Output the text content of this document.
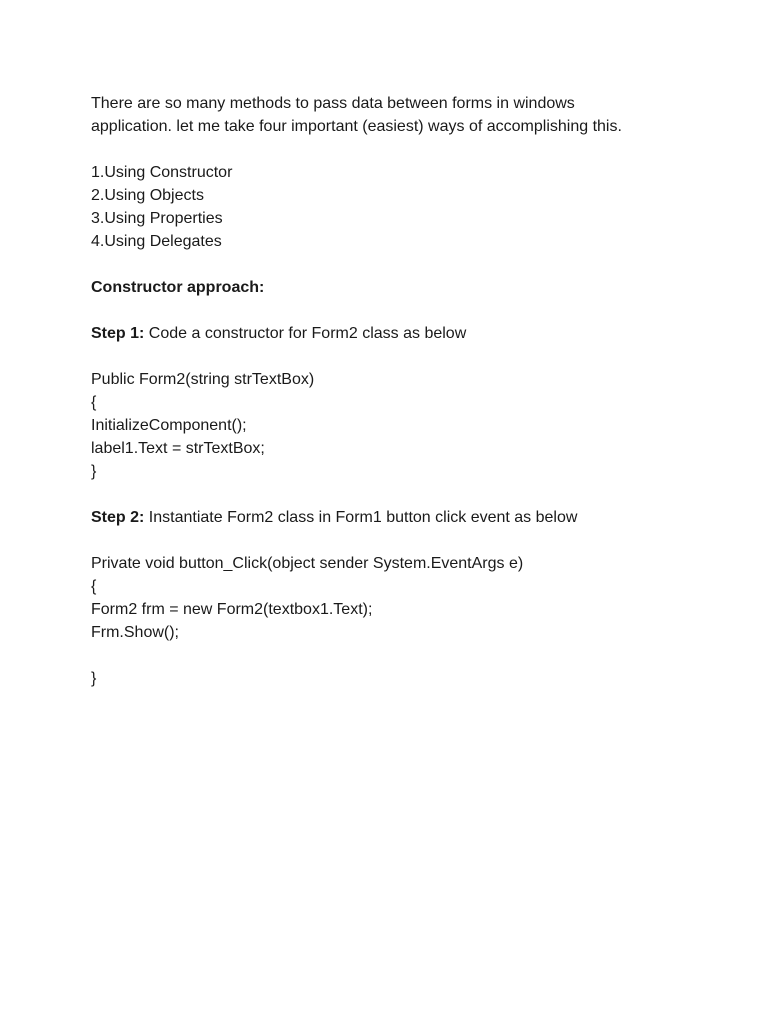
There are so many methods to pass data between forms in windows
application. let me take four important (easiest) ways of accomplishing this.
1.Using Constructor
2.Using Objects
3.Using Properties
4.Using Delegates
Constructor approach:
Step 1: Code a constructor for Form2 class as below
Public Form2(string strTextBox)
{
InitializeComponent();
label1.Text = strTextBox;
}
Step 2: Instantiate Form2 class in Form1 button click event as below
Private void button_Click(object sender System.EventArgs e)
{
Form2 frm = new Form2(textbox1.Text);
Frm.Show();
}
